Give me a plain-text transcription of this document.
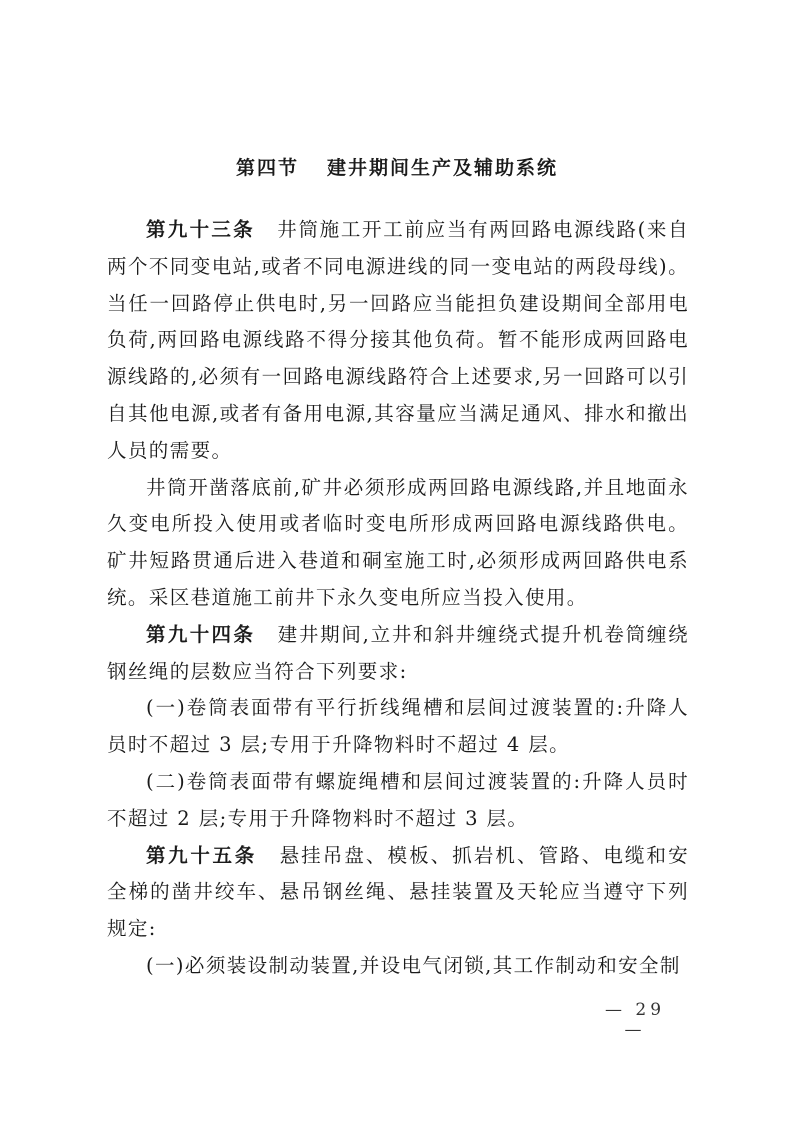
第四节 建井期间生产及辅助系统

第九十三条 井筒施工开工前应当有两回路电源线路(来自两个不同变电站,或者不同电源进线的同一变电站的两段母线)。当任一回路停止供电时,另一回路应当能担负建设期间全部用电负荷,两回路电源线路不得分接其他负荷。暂不能形成两回路电源线路的,必须有一回路电源线路符合上述要求,另一回路可以引自其他电源,或者有备用电源,其容量应当满足通风、排水和撤出人员的需要。

井筒开凿落底前,矿井必须形成两回路电源线路,并且地面永久变电所投入使用或者临时变电所形成两回路电源线路供电。矿井短路贯通后进入巷道和硐室施工时,必须形成两回路供电系统。采区巷道施工前井下永久变电所应当投入使用。

第九十四条 建井期间,立井和斜井缠绕式提升机卷筒缠绕钢丝绳的层数应当符合下列要求:

(一)卷筒表面带有平行折线绳槽和层间过渡装置的:升降人员时不超过 3 层;专用于升降物料时不超过 4 层。

(二)卷筒表面带有螺旋绳槽和层间过渡装置的:升降人员时不超过 2 层;专用于升降物料时不超过 3 层。

第九十五条 悬挂吊盘、模板、抓岩机、管路、电缆和安全梯的凿井绞车、悬吊钢丝绳、悬挂装置及天轮应当遵守下列规定:

(一)必须装设制动装置,并设电气闭锁,其工作制动和安全制

— 29 —
